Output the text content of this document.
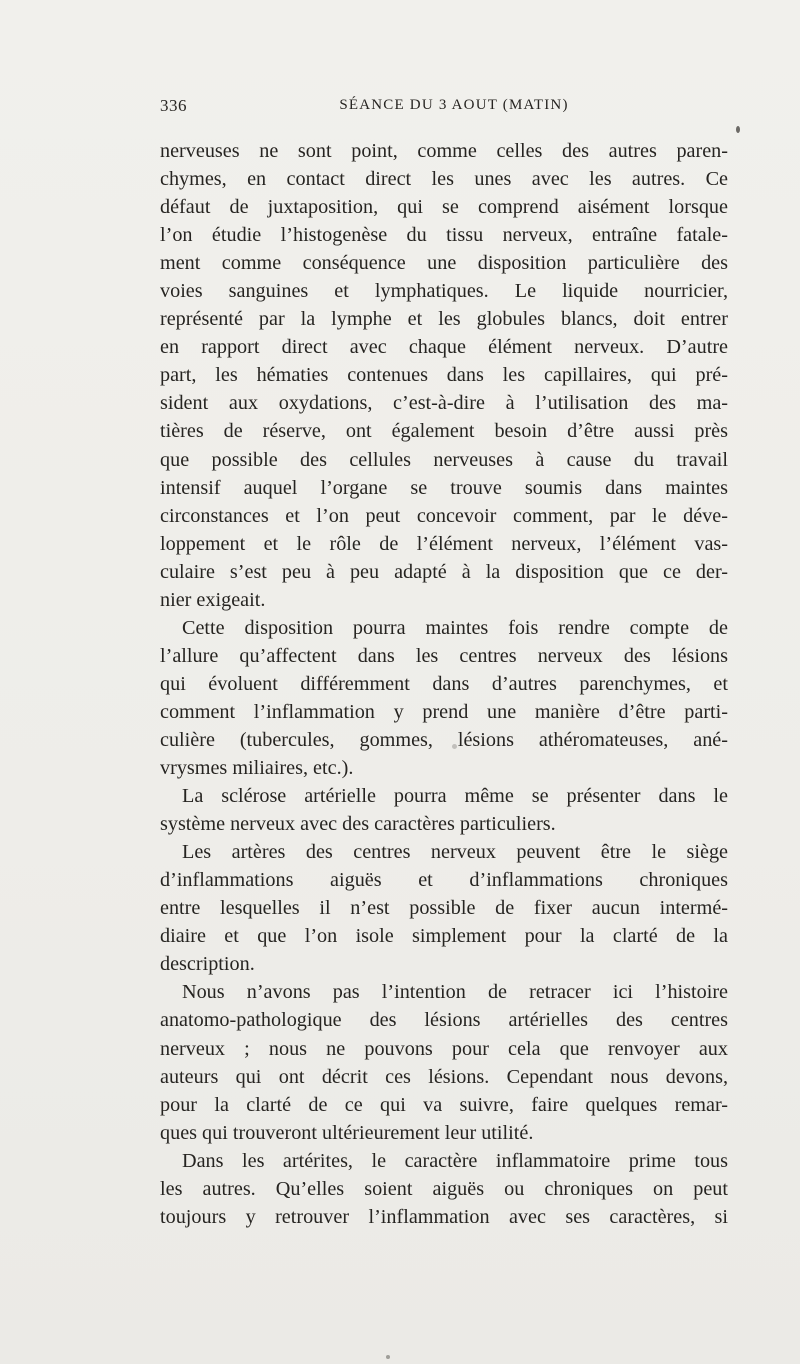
336	SÉANCE DU 3 AOUT (MATIN)
nerveuses ne sont point, comme celles des autres paren-
chymes, en contact direct les unes avec les autres. Ce
défaut de juxtaposition, qui se comprend aisément lorsque
l’on étudie l’histogenèse du tissu nerveux, entraîne fatale-
ment comme conséquence une disposition particulière des
voies sanguines et lymphatiques. Le liquide nourricier,
représenté par la lymphe et les globules blancs, doit entrer
en rapport direct avec chaque élément nerveux. D’autre
part, les hématies contenues dans les capillaires, qui pré-
sident aux oxydations, c’est-à-dire à l’utilisation des ma-
tières de réserve, ont également besoin d’être aussi près
que possible des cellules nerveuses à cause du travail
intensif auquel l’organe se trouve soumis dans maintes
circonstances et l’on peut concevoir comment, par le déve-
loppement et le rôle de l’élément nerveux, l’élément vas-
culaire s’est peu à peu adapté à la disposition que ce der-
nier exigeait.
Cette disposition pourra maintes fois rendre compte de
l’allure qu’affectent dans les centres nerveux des lésions
qui évoluent différemment dans d’autres parenchymes, et
comment l’inflammation y prend une manière d’être parti-
culière (tubercules, gommes, lésions athéromateuses, ané-
vrysmes miliaires, etc.).
La sclérose artérielle pourra même se présenter dans le
système nerveux avec des caractères particuliers.
Les artères des centres nerveux peuvent être le siège
d’inflammations aiguës et d’inflammations chroniques
entre lesquelles il n’est possible de fixer aucun intermé-
diaire et que l’on isole simplement pour la clarté de la
description.
Nous n’avons pas l’intention de retracer ici l’histoire
anatomo-pathologique des lésions artérielles des centres
nerveux ; nous ne pouvons pour cela que renvoyer aux
auteurs qui ont décrit ces lésions. Cependant nous devons,
pour la clarté de ce qui va suivre, faire quelques remar-
ques qui trouveront ultérieurement leur utilité.
Dans les artérites, le caractère inflammatoire prime tous
les autres. Qu’elles soient aiguës ou chroniques on peut
toujours y retrouver l’inflammation avec ses caractères, si
